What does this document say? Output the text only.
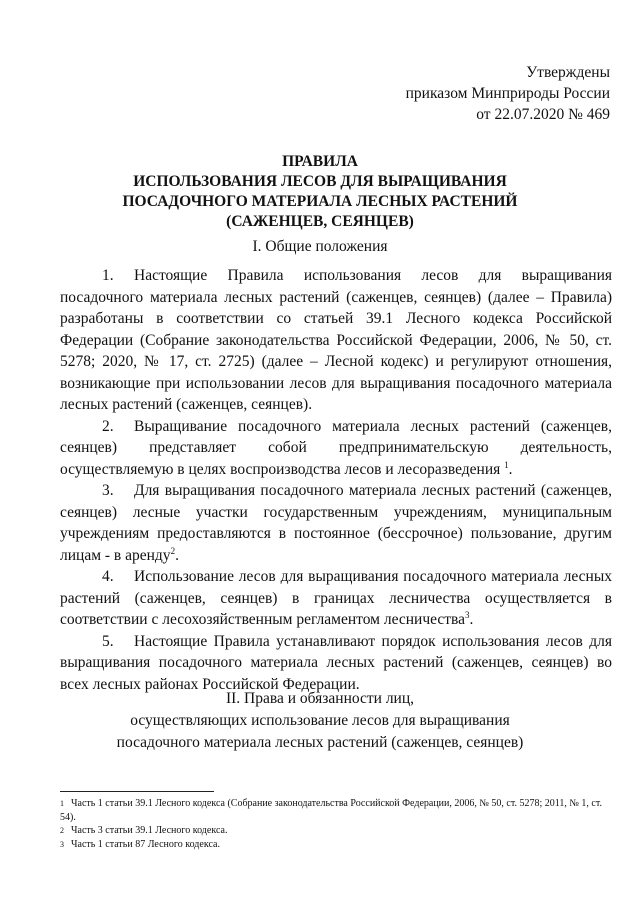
Утверждены
приказом Минприроды России
от 22.07.2020 № 469
ПРАВИЛА
ИСПОЛЬЗОВАНИЯ ЛЕСОВ ДЛЯ ВЫРАЩИВАНИЯ
ПОСАДОЧНОГО МАТЕРИАЛА ЛЕСНЫХ РАСТЕНИЙ
(САЖЕНЦЕВ, СЕЯНЦЕВ)
I. Общие положения

1. Настоящие Правила использования лесов для выращивания посадочного материала лесных растений (саженцев, сеянцев) (далее – Правила) разработаны в соответствии со статьей 39.1 Лесного кодекса Российской Федерации (Собрание законодательства Российской Федерации, 2006, № 50, ст. 5278; 2020, № 17, ст. 2725) (далее – Лесной кодекс) и регулируют отношения, возникающие при использовании лесов для выращивания посадочного материала лесных растений (саженцев, сеянцев).

2. Выращивание посадочного материала лесных растений (саженцев, сеянцев) представляет собой предпринимательскую деятельность, осуществляемую в целях воспроизводства лесов и лесоразведения $^1$.

3. Для выращивания посадочного материала лесных растений (саженцев, сеянцев) лесные участки государственным учреждениям, муниципальным учреждениям предоставляются в постоянное (бессрочное) пользование, другим лицам - в аренду$^2$.

4. Использование лесов для выращивания посадочного материала лесных растений (саженцев, сеянцев) в границах лесничества осуществляется в соответствии с лесохозяйственным регламентом лесничества$^3$.

5. Настоящие Правила устанавливают порядок использования лесов для выращивания посадочного материала лесных растений (саженцев, сеянцев) во всех лесных районах Российской Федерации.

II. Права и обязанности лиц,
осуществляющих использование лесов для выращивания
посадочного материала лесных растений (саженцев, сеянцев)

1 Часть 1 статьи 39.1 Лесного кодекса (Собрание законодательства Российской Федерации, 2006, № 50, ст. 5278; 2011, № 1, ст. 54).

2 Часть 3 статьи 39.1 Лесного кодекса.

3 Часть 1 статьи 87 Лесного кодекса.
